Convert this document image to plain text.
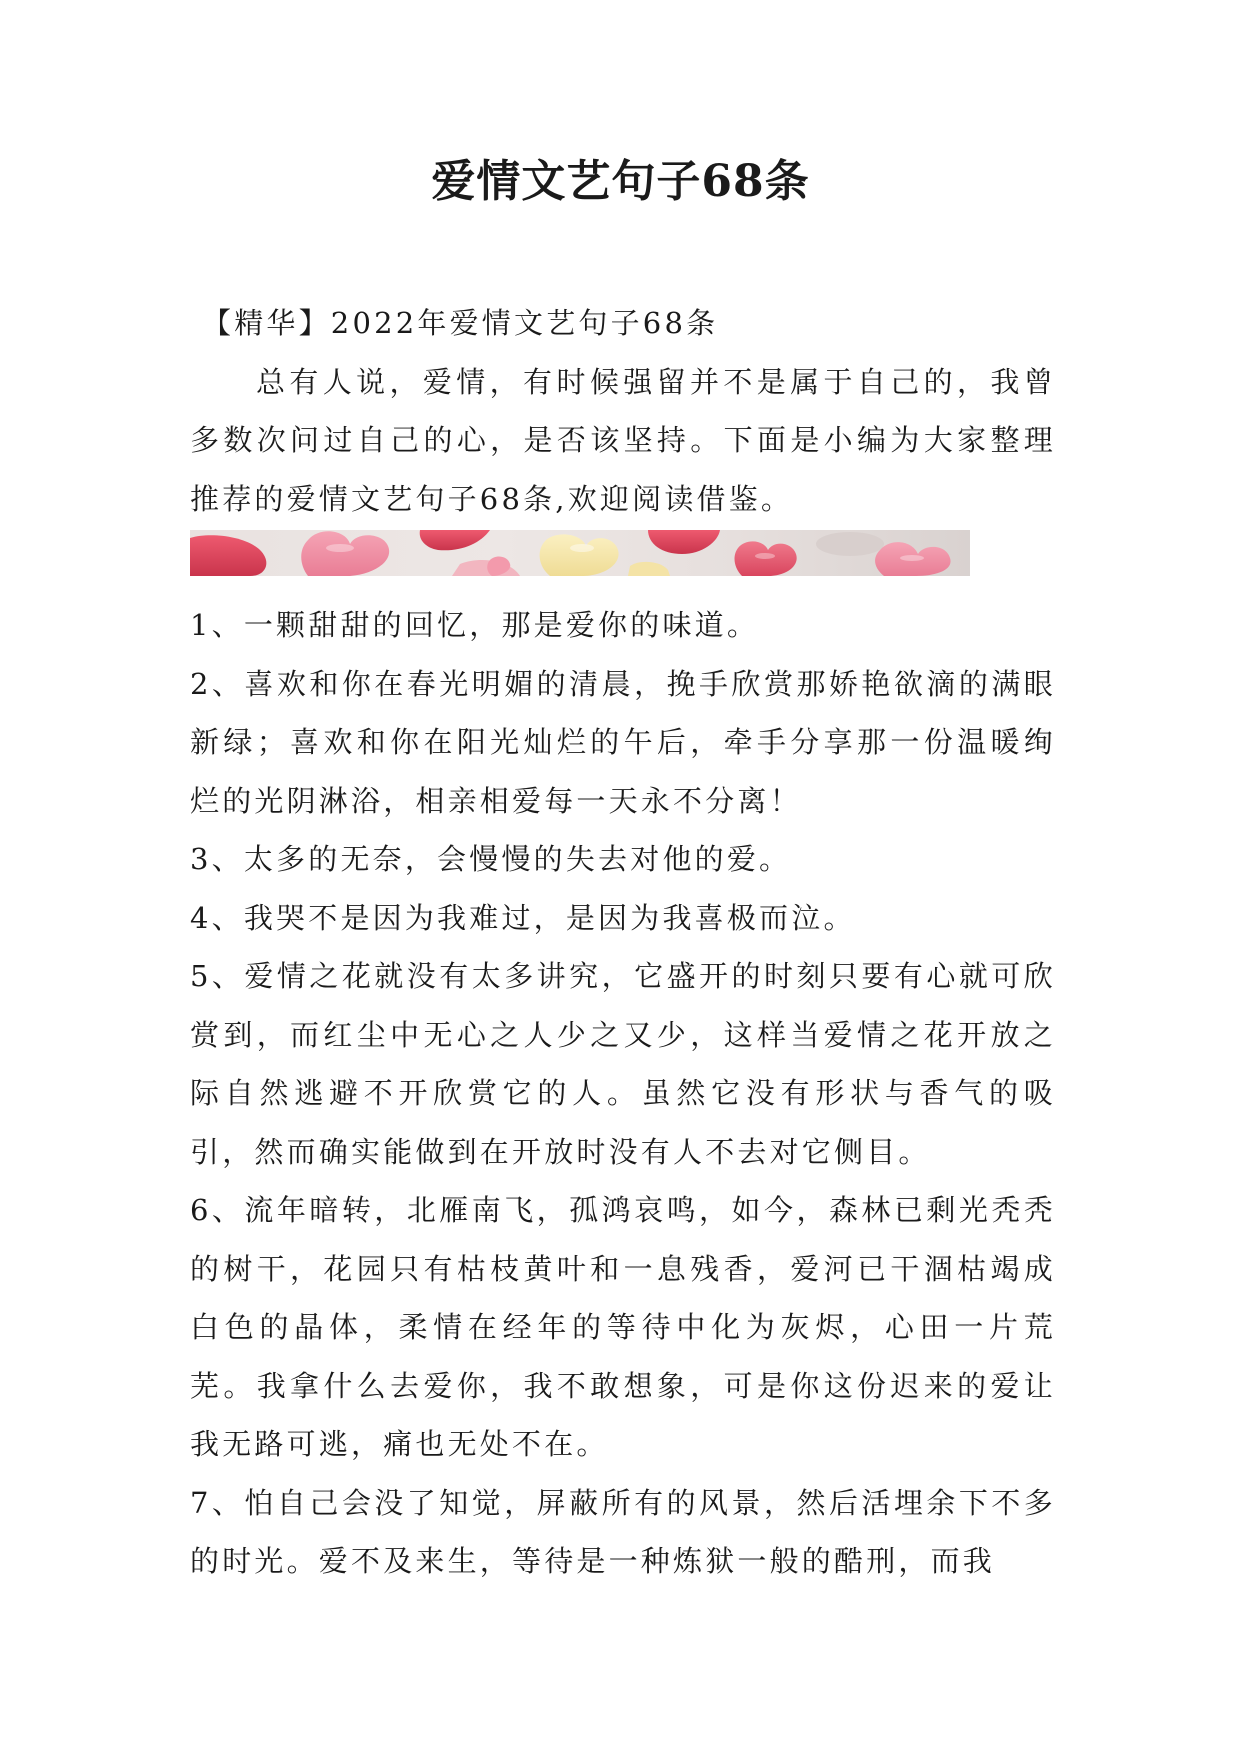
爱情文艺句子68条

【精华】2022年爱情文艺句子68条

总有人说，爱情，有时候强留并不是属于自己的，我曾多数次问过自己的心，是否该坚持。下面是小编为大家整理推荐的爱情文艺句子68条,欢迎阅读借鉴。

1、一颗甜甜的回忆，那是爱你的味道。

2、喜欢和你在春光明媚的清晨，挽手欣赏那娇艳欲滴的满眼新绿；喜欢和你在阳光灿烂的午后，牵手分享那一份温暖绚烂的光阴淋浴，相亲相爱每一天永不分离！

3、太多的无奈，会慢慢的失去对他的爱。

4、我哭不是因为我难过，是因为我喜极而泣。

5、爱情之花就没有太多讲究，它盛开的时刻只要有心就可欣赏到，而红尘中无心之人少之又少，这样当爱情之花开放之际自然逃避不开欣赏它的人。虽然它没有形状与香气的吸引，然而确实能做到在开放时没有人不去对它侧目。

6、流年暗转，北雁南飞，孤鸿哀鸣，如今，森林已剩光秃秃的树干，花园只有枯枝黄叶和一息残香，爱河已干涸枯竭成白色的晶体，柔情在经年的等待中化为灰烬，心田一片荒芜。我拿什么去爱你，我不敢想象，可是你这份迟来的爱让我无路可逃，痛也无处不在。

7、怕自己会没了知觉，屏蔽所有的风景，然后活埋余下不多的时光。爱不及来生，等待是一种炼狱一般的酷刑，而我
